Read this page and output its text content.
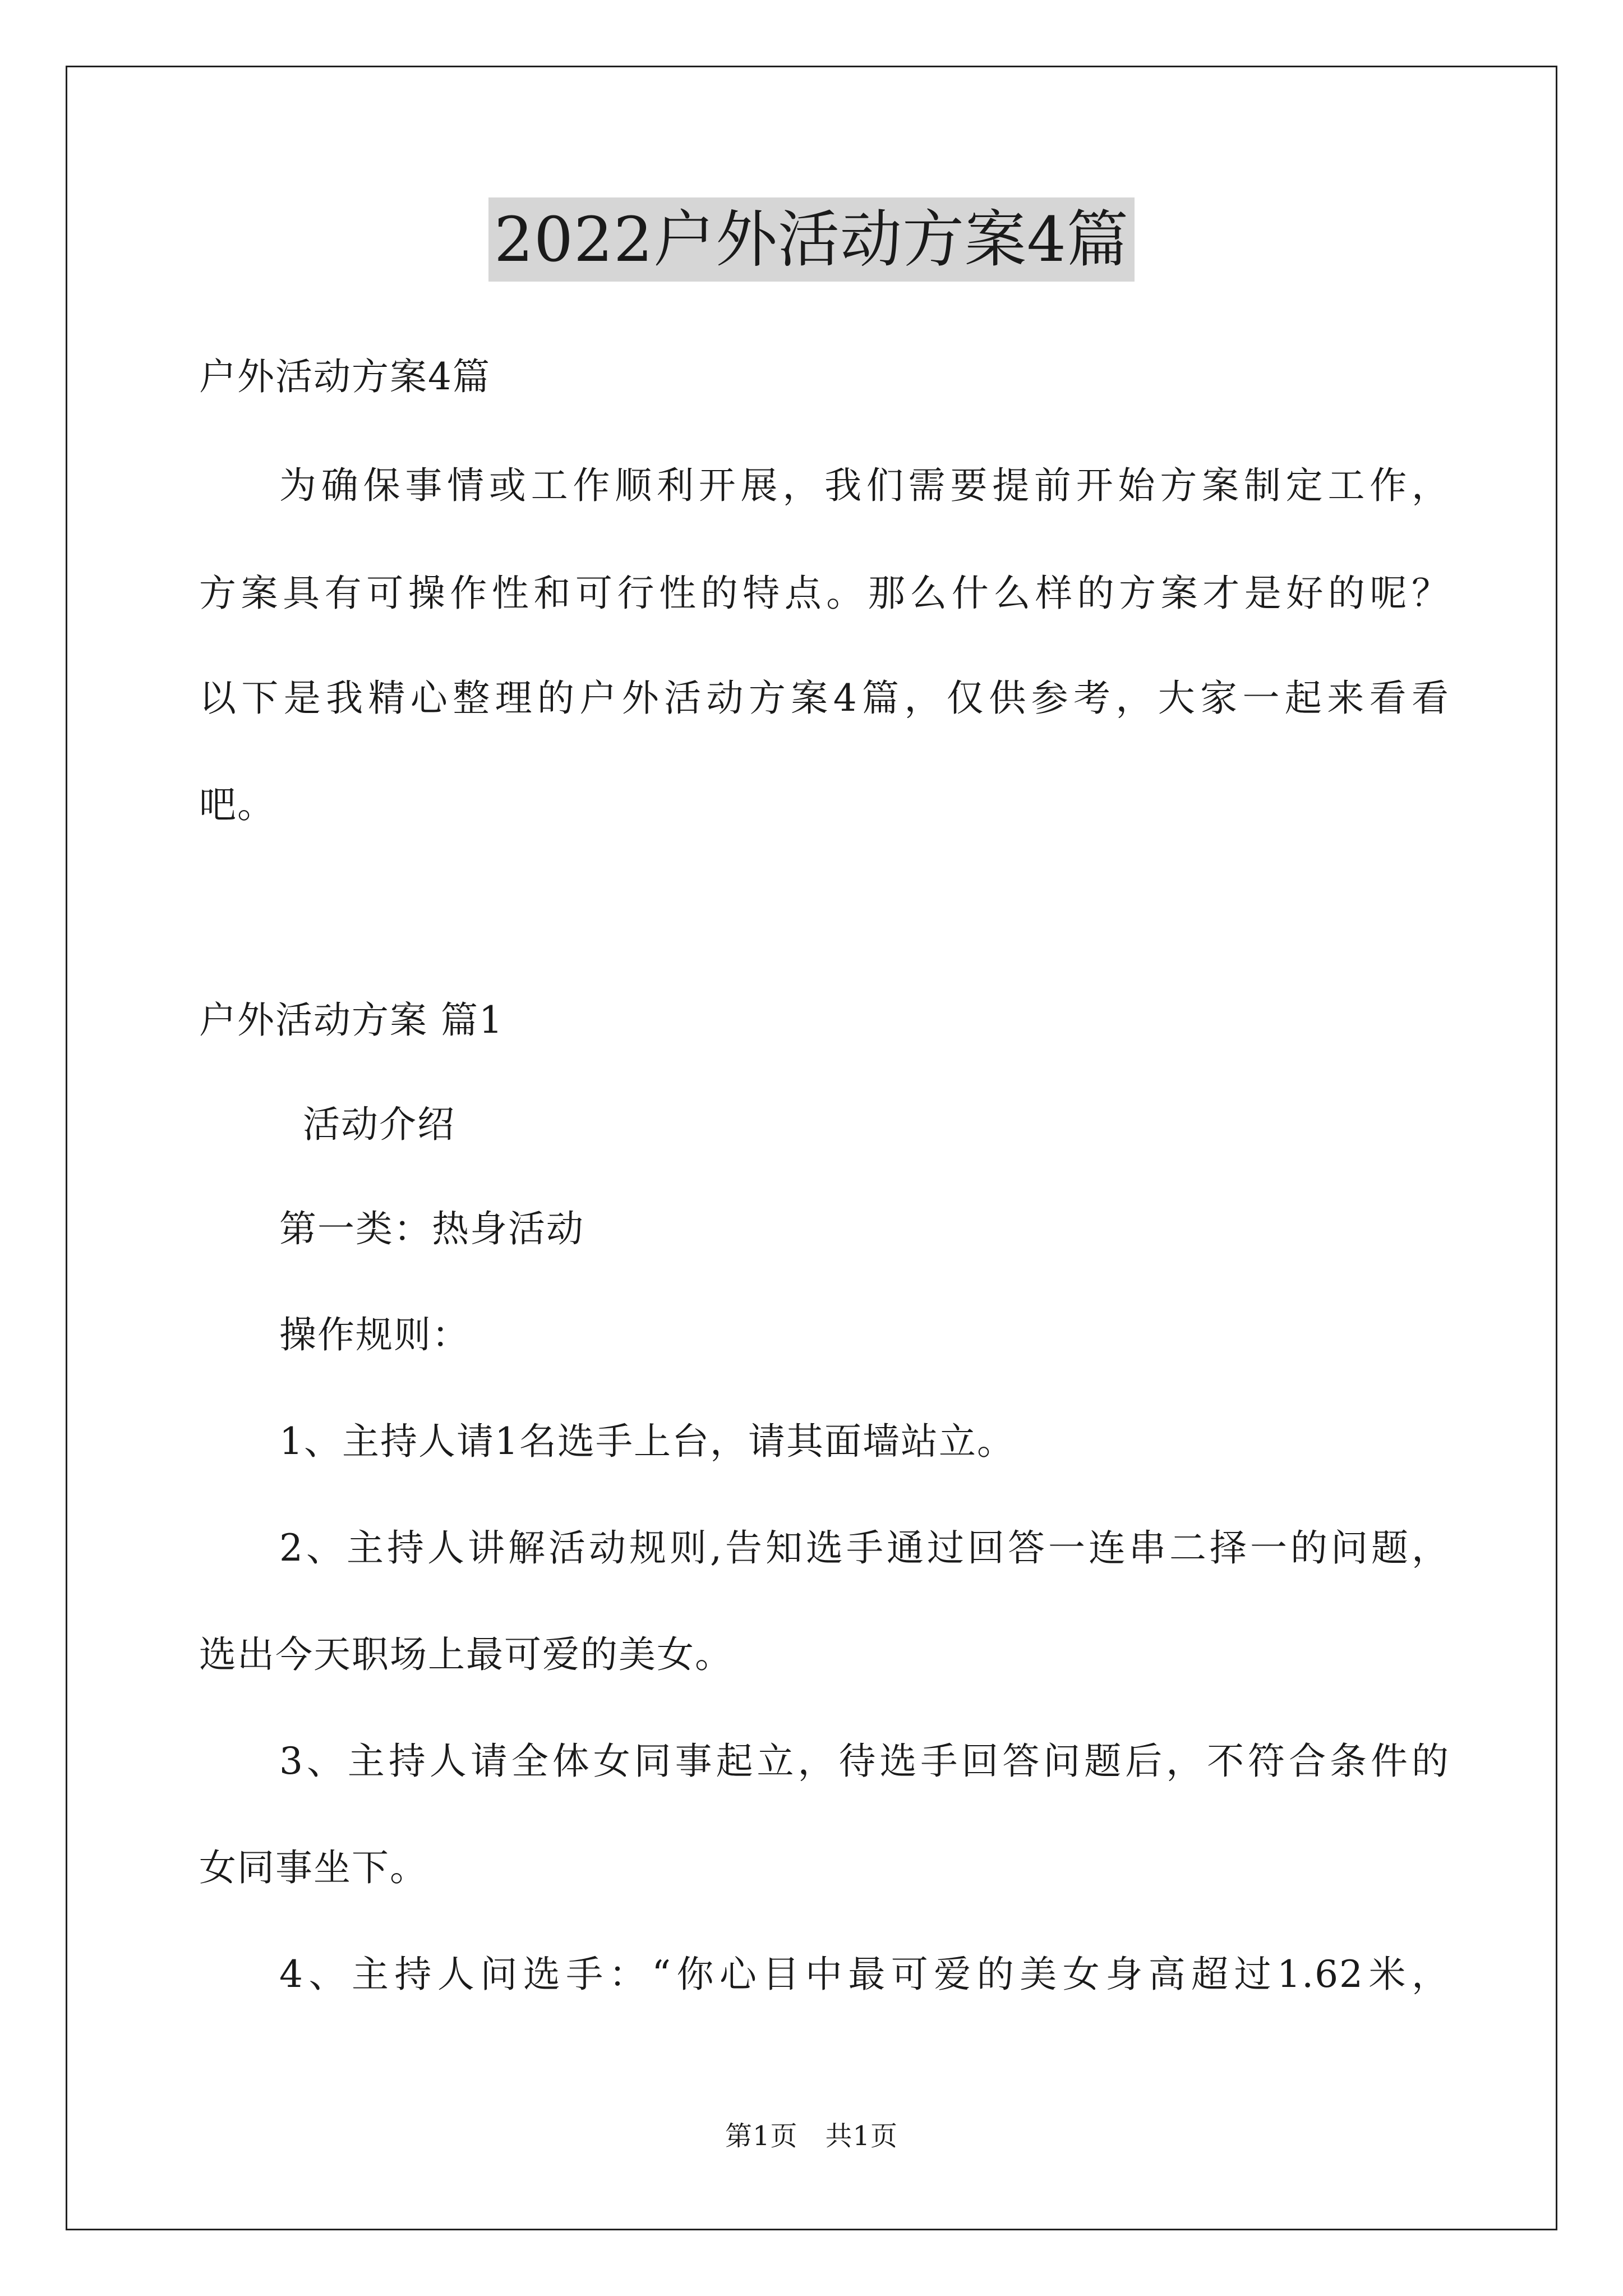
2022户外活动方案4篇
户外活动方案4篇
为确保事情或工作顺利开展，我们需要提前开始方案制定工作，
方案具有可操作性和可行性的特点。那么什么样的方案才是好的呢？
以下是我精心整理的户外活动方案4篇，仅供参考，大家一起来看看
吧。
户外活动方案 篇1
活动介绍
第一类：热身活动
操作规则：
1、主持人请1名选手上台，请其面墙站立。
2、主持人讲解活动规则,告知选手通过回答一连串二择一的问题，
选出今天职场上最可爱的美女。
3、主持人请全体女同事起立，待选手回答问题后，不符合条件的
女同事坐下。
4、主持人问选手：“你心目中最可爱的美女身高超过1.62米，
第1页　共1页
